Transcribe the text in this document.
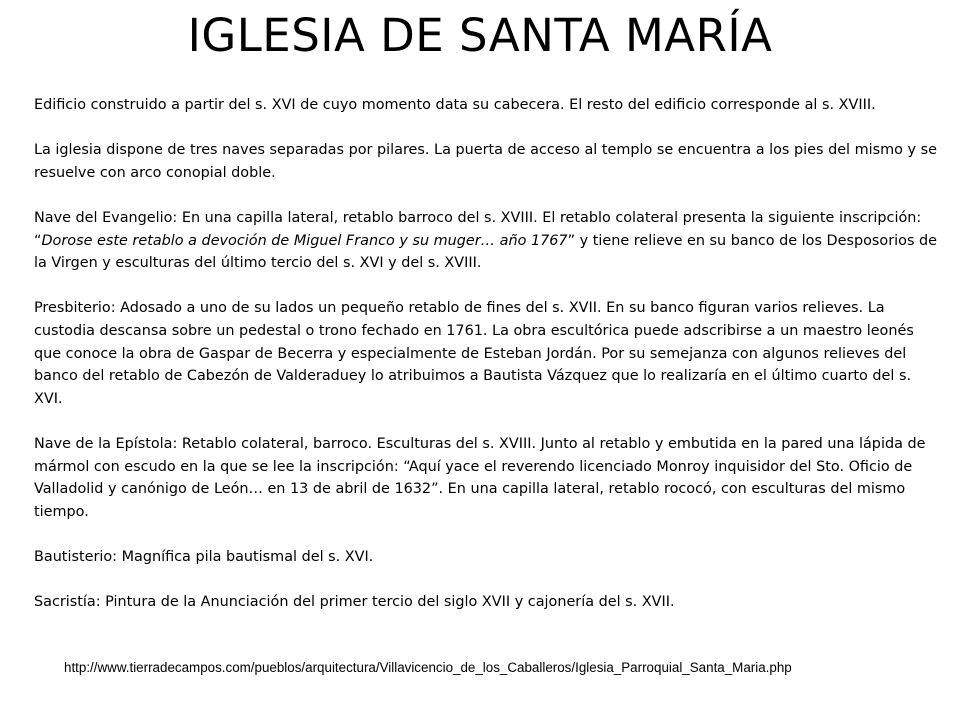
IGLESIA DE SANTA MARÍA

Edificio construido a partir del s. XVI de cuyo momento data su cabecera. El resto del edificio corresponde al s. XVIII.

La iglesia dispone de tres naves separadas por pilares. La puerta de acceso al templo se encuentra a los pies del mismo y se resuelve con arco conopial doble.

Nave del Evangelio: En una capilla lateral, retablo barroco del s. XVIII. El retablo colateral presenta la siguiente inscripción: “Dorose este retablo a devoción de Miguel Franco y su muger… año 1767” y tiene relieve en su banco de los Desposorios de la Virgen y esculturas del último tercio del s. XVI y del s. XVIII.

Presbiterio: Adosado a uno de su lados un pequeño retablo de fines del s. XVII. En su banco figuran varios relieves. La custodia descansa sobre un pedestal o trono fechado en 1761. La obra escultórica puede adscribirse a un maestro leonés que conoce la obra de Gaspar de Becerra y especialmente de Esteban Jordán. Por su semejanza con algunos relieves del banco del retablo de Cabezón de Valderaduey lo atribuimos a Bautista Vázquez que lo realizaría en el último cuarto del s. XVI.

Nave de la Epístola: Retablo colateral, barroco. Esculturas del s. XVIII. Junto al retablo y embutida en la pared una lápida de mármol con escudo en la que se lee la inscripción: “Aquí yace el reverendo licenciado Monroy inquisidor del Sto. Oficio de Valladolid y canónigo de León… en 13 de abril de 1632”. En una capilla lateral, retablo rococó, con esculturas del mismo tiempo.

Bautisterio: Magnífica pila bautismal del s. XVI.

Sacristía: Pintura de la Anunciación del primer tercio del siglo XVII y cajonería del s. XVII.

http://www.tierradecampos.com/pueblos/arquitectura/Villavicencio_de_los_Caballeros/Iglesia_Parroquial_Santa_Maria.php
